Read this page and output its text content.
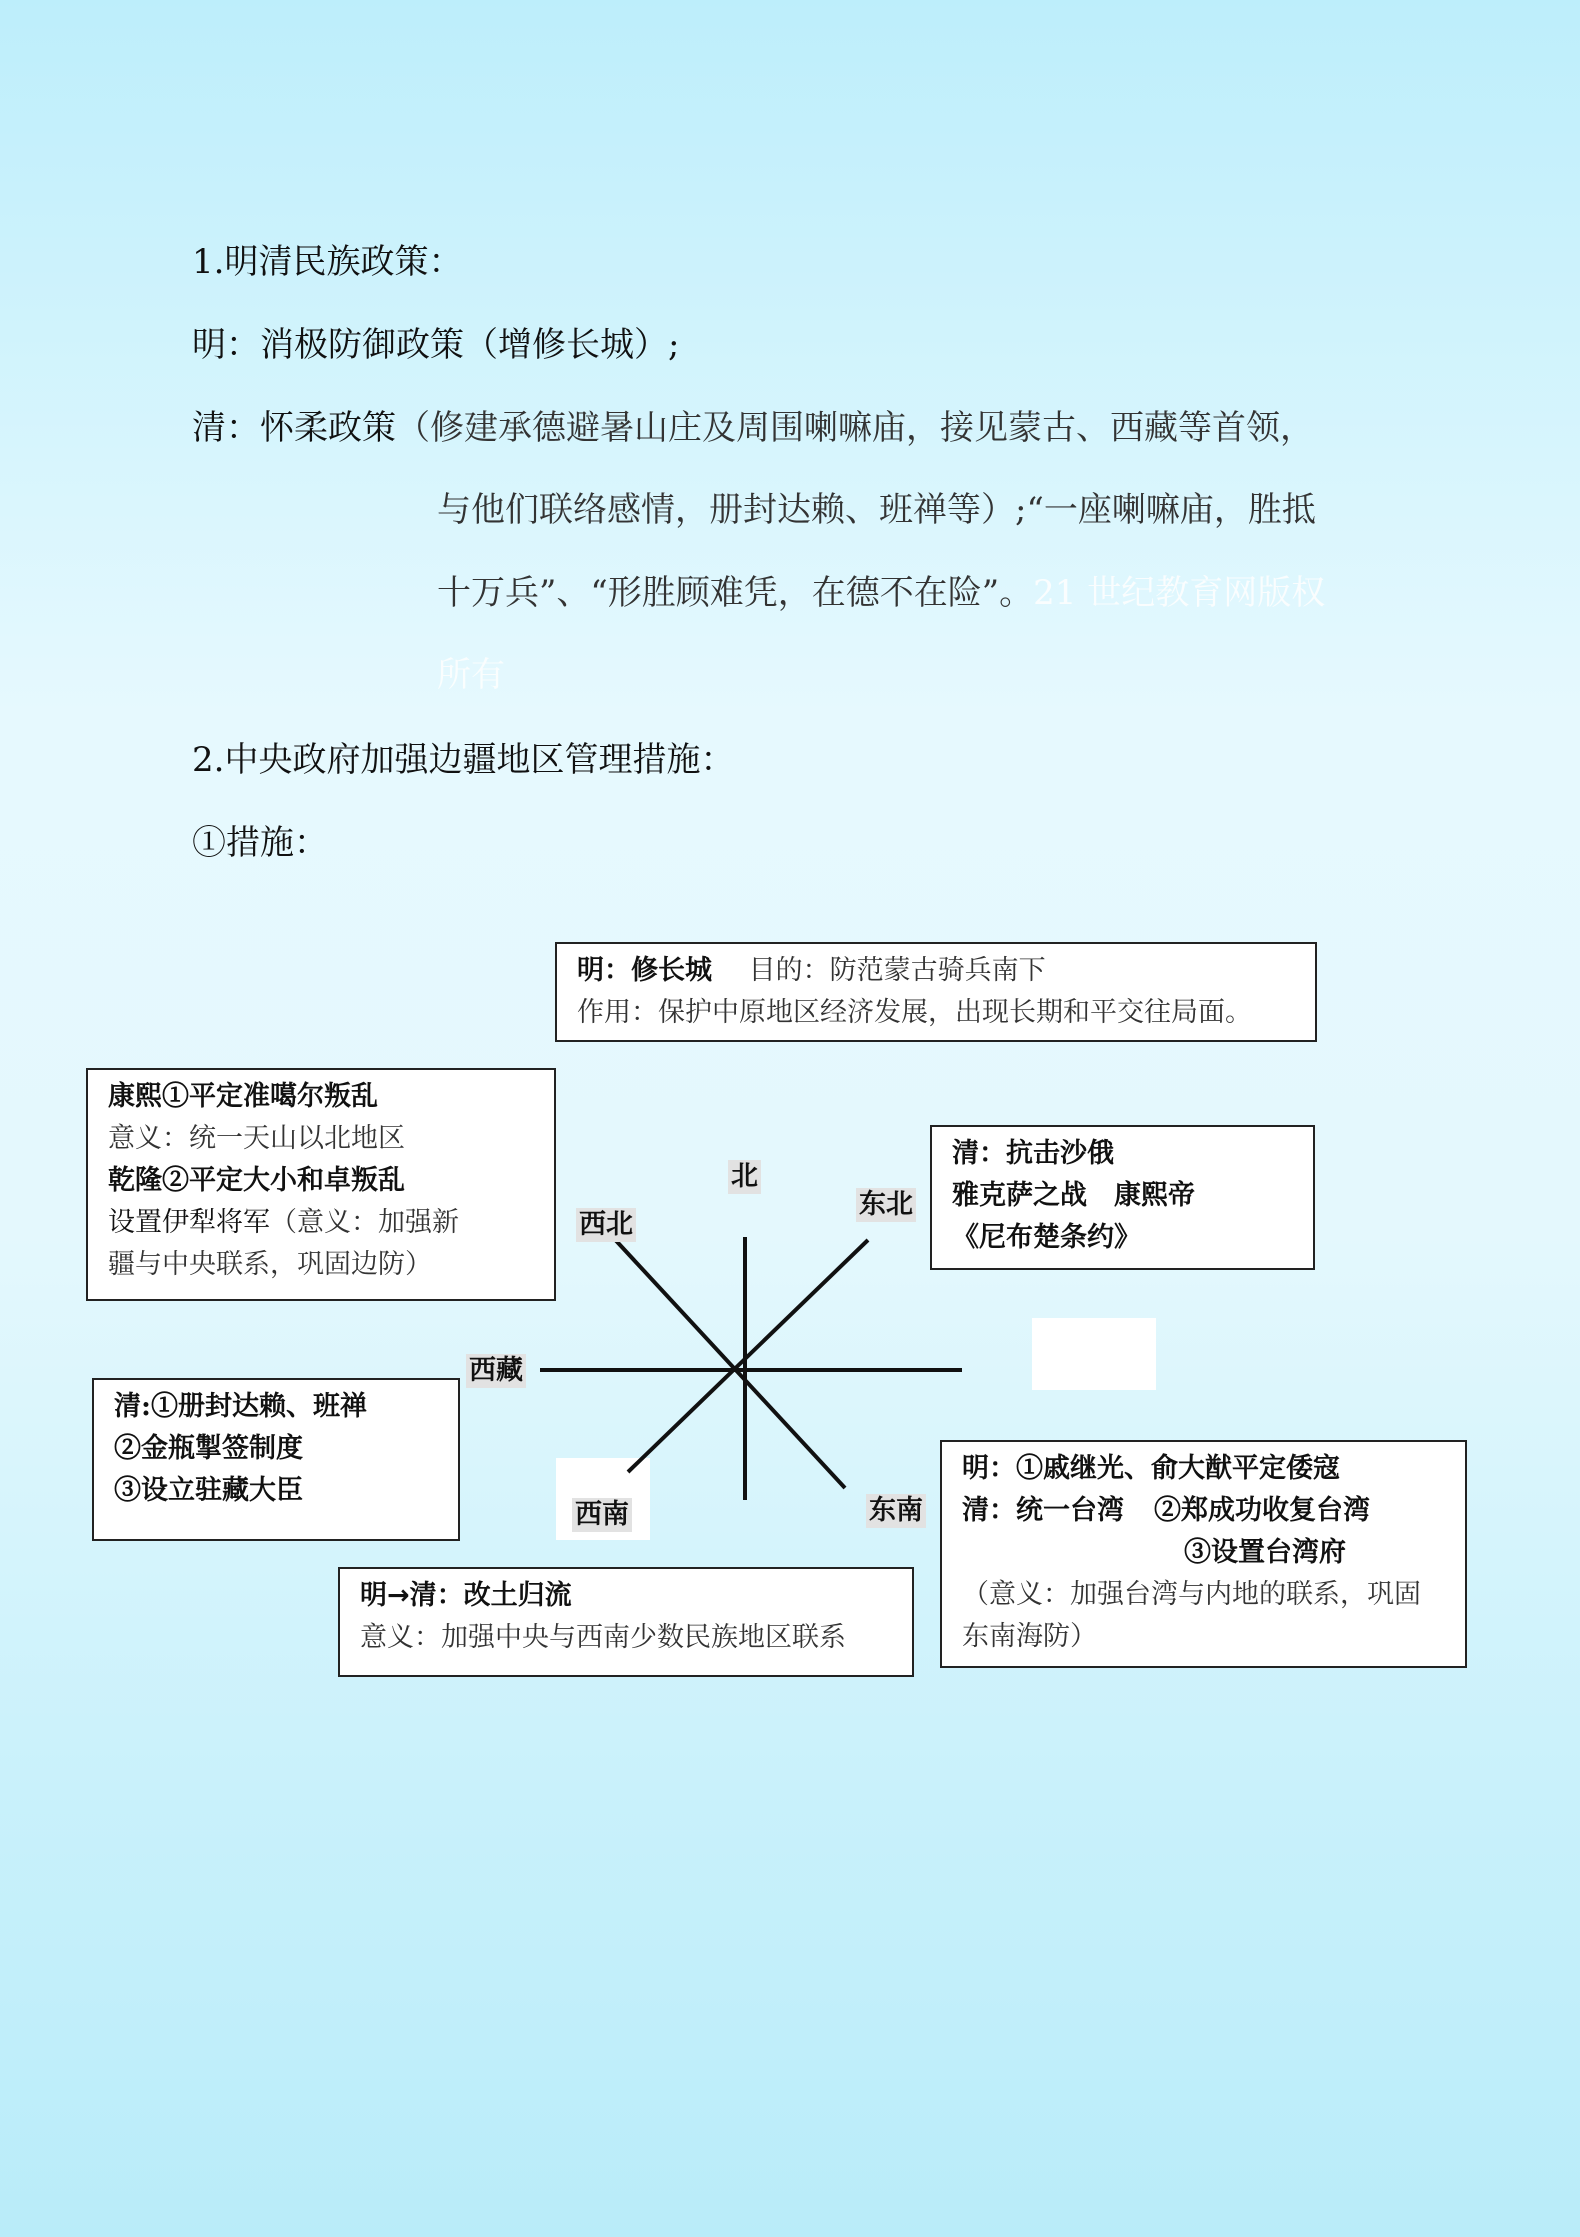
1.明清民族政策：
明：消极防御政策（增修长城）;
清：怀柔政策（修建承德避暑山庄及周围喇嘛庙，接见蒙古、西藏等首领，
与他们联络感情，册封达赖、班禅等）;“一座喇嘛庙，胜抵
十万兵”、“形胜顾难凭，在德不在险”。21 世纪教育网版权
所有
2.中央政府加强边疆地区管理措施：
①措施：
北
西北
东北
西藏
西南	东南
明：修长城 目的：防范蒙古骑兵南下
作用：保护中原地区经济发展，出现长期和平交往局面。
康熙①平定准噶尔叛乱
意义：统一天山以北地区
乾隆②平定大小和卓叛乱
设置伊犁将军（意义：加强新
疆与中央联系，巩固边防）
清：抗击沙俄
雅克萨之战　康熙帝
《尼布楚条约》
清:①册封达赖、班禅
②金瓶掣签制度
③设立驻藏大臣
明→清：改土归流
意义：加强中央与西南少数民族地区联系
明：①戚继光、俞大猷平定倭寇
清：统一台湾 ②郑成功收复台湾
③设置台湾府
（意义：加强台湾与内地的联系，巩固
东南海防）
